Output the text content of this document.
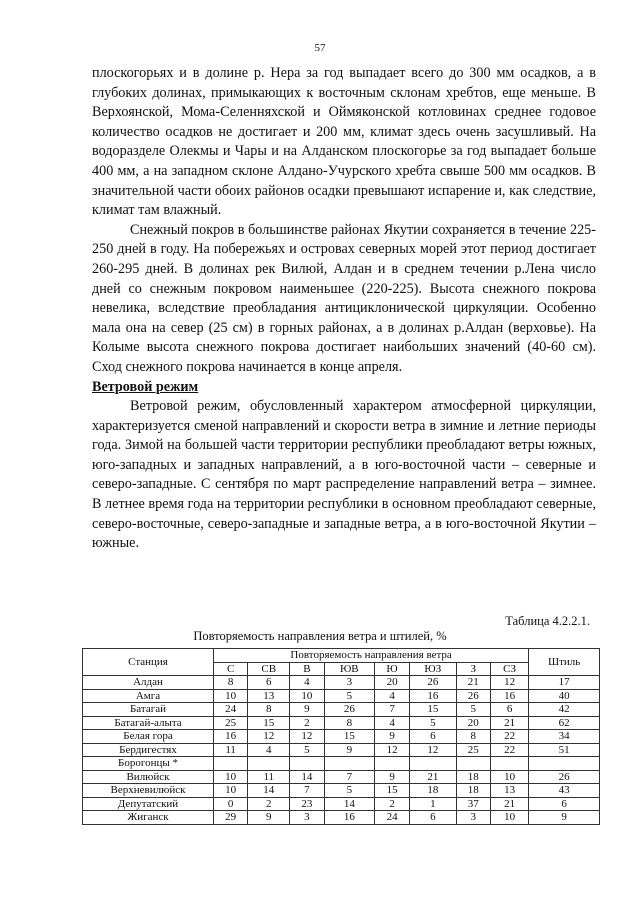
57

плоскогорьях и в долине р. Нера за год выпадает всего до 300 мм осадков, а в глубоких долинах, примыкающих к восточным склонам хребтов, еще меньше. В Верхоянской, Мома-Селенняхской и Оймяконской котловинах среднее годовое количество осадков не достигает и 200 мм, климат здесь очень засушливый. На водоразделе Олекмы и Чары и на Алданском плоскогорье за год выпадает больше 400 мм, а на западном склоне Алдано-Учурского хребта свыше 500 мм осадков. В значительной части обоих районов осадки превышают испарение и, как следствие, климат там влажный.

Снежный покров в большинстве районах Якутии сохраняется в течение 225-250 дней в году. На побережьях и островах северных морей этот период достигает 260-295 дней. В долинах рек Вилюй, Алдан и в среднем течении р.Лена число дней со снежным покровом наименьшее (220-225). Высота снежного покрова невелика, вследствие преобладания антициклонической циркуляции. Особенно мала она на север (25 см) в горных районах, а в долинах р.Алдан (верховье). На Колыме высота снежного покрова достигает наибольших значений (40-60 см). Сход снежного покрова начинается в конце апреля.

Ветровой режим

Ветровой режим, обусловленный характером атмосферной циркуляции, характеризуется сменой направлений и скорости ветра в зимние и летние периоды года. Зимой на большей части территории республики преобладают ветры южных, юго-западных и западных направлений, а в юго-восточной части – северные и северо-западные. С сентября по март распределение направлений ветра – зимнее. В летнее время года на территории республики в основном преобладают северные, северо-восточные, северо-западные и западные ветра, а в юго-восточной Якутии – южные.

Таблица 4.2.2.1.
Повторяемость направления ветра и штилей, %
Станция	Повторяемость направления ветра								Штиль
	С	СВ	В	ЮВ	Ю	ЮЗ	З	СЗ	
Алдан	8	6	4	3	20	26	21	12	17
Амга	10	13	10	5	4	16	26	16	40
Батагай	24	8	9	26	7	15	5	6	42
Батагай-алыта	25	15	2	8	4	5	20	21	62
Белая гора	16	12	12	15	9	6	8	22	34
Бердигестях	11	4	5	9	12	12	25	22	51
Борогонцы *									
Вилюйск	10	11	14	7	9	21	18	10	26
Верхневилюйск	10	14	7	5	15	18	18	13	43
Депутатский	0	2	23	14	2	1	37	21	6
Жиганск	29	9	3	16	24	6	3	10	9
